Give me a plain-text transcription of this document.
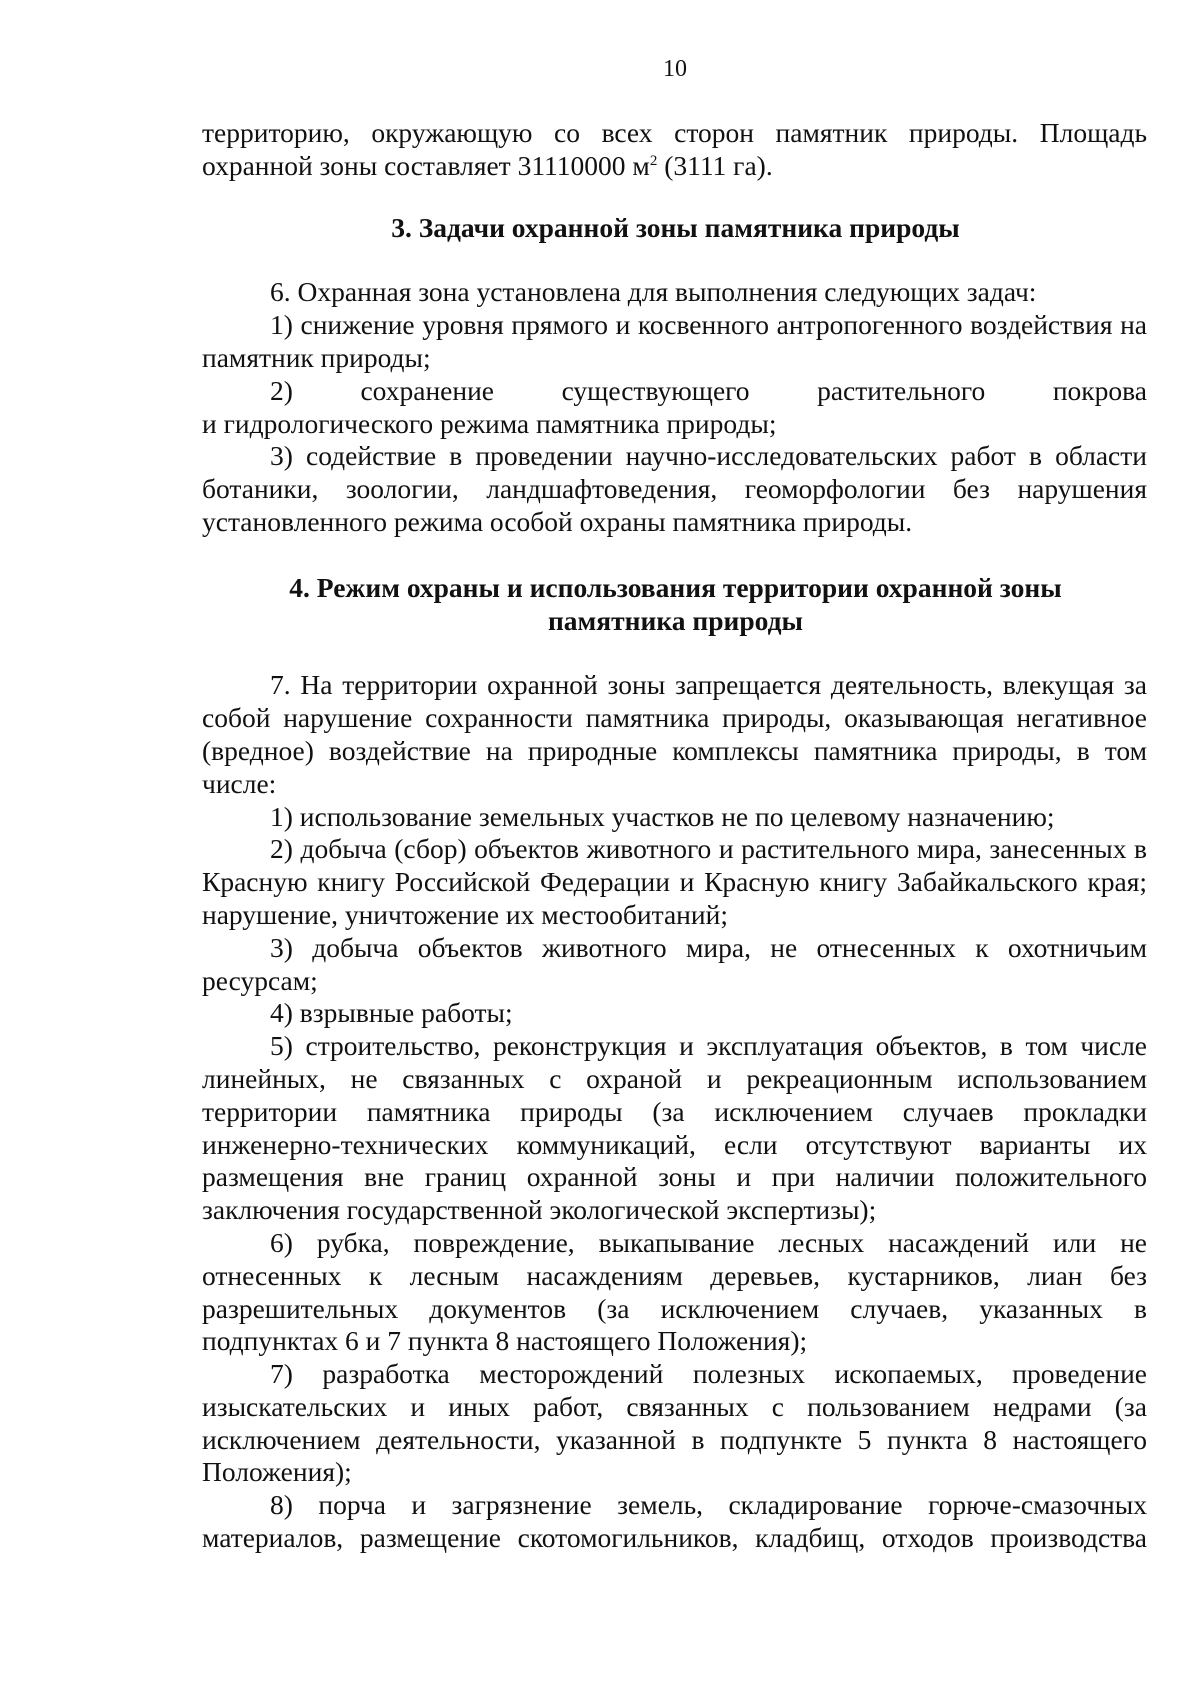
10

территорию, окружающую со всех сторон памятник природы. Площадь охранной зоны составляет 31110000 $м^2$ (3111 га).

3. Задачи охранной зоны памятника природы

6. Охранная зона установлена для выполнения следующих задач:

1) снижение уровня прямого и косвенного антропогенного воздействия на памятник природы;

2) сохранение существующего растительного покрова

и гидрологического режима памятника природы;

3) содействие в проведении научно-исследовательских работ в области ботаники, зоологии, ландшафтоведения, геоморфологии без нарушения установленного режима особой охраны памятника природы.

4. Режим охраны и использования территории охранной зоны
памятника природы

7. На территории охранной зоны запрещается деятельность, влекущая за собой нарушение сохранности памятника природы, оказывающая негативное (вредное) воздействие на природные комплексы памятника природы, в том числе:

1) использование земельных участков не по целевому назначению;

2) добыча (сбор) объектов животного и растительного мира, занесенных в Красную книгу Российской Федерации и Красную книгу Забайкальского края; нарушение, уничтожение их местообитаний;

3) добыча объектов животного мира, не отнесенных к охотничьим ресурсам;

4) взрывные работы;

5) строительство, реконструкция и эксплуатация объектов, в том числе линейных, не связанных с охраной и рекреационным использованием территории памятника природы (за исключением случаев прокладки инженерно-технических коммуникаций, если отсутствуют варианты их размещения вне границ охранной зоны и при наличии положительного заключения государственной экологической экспертизы);

6) рубка, повреждение, выкапывание лесных насаждений или не отнесенных к лесным насаждениям деревьев, кустарников, лиан без разрешительных документов (за исключением случаев, указанных в

подпунктах 6 и 7 пункта 8 настоящего Положения);

7) разработка месторождений полезных ископаемых, проведение изыскательских и иных работ, связанных с пользованием недрами (за исключением деятельности, указанной в подпункте 5 пункта 8 настоящего Положения);

8) порча и загрязнение земель, складирование горюче-смазочных материалов, размещение скотомогильников, кладбищ, отходов производства
